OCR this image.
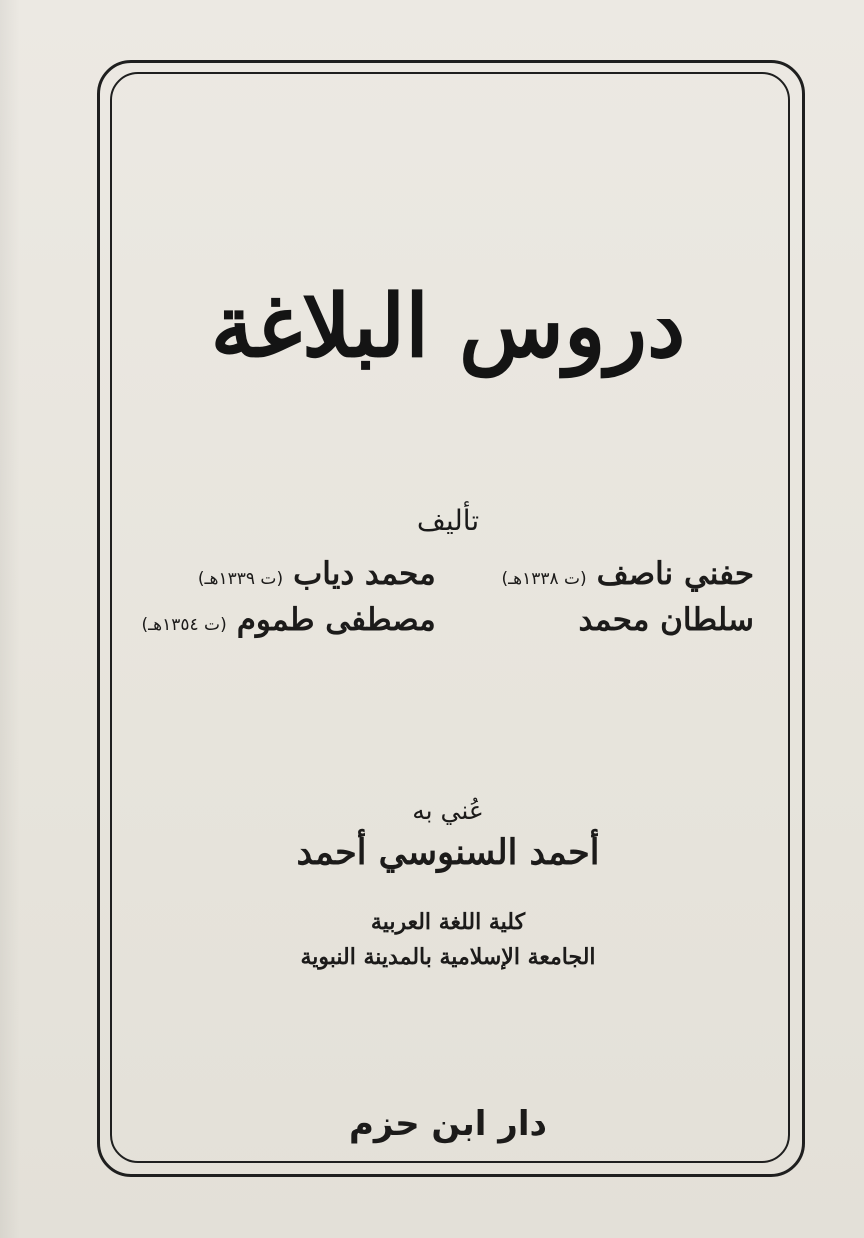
دروس البلاغة
تأليف
حفني ناصف
(ت ١٣٣٨هـ)
محمد دياب
(ت ١٣٣٩هـ)
سلطان محمد
مصطفى طموم
(ت ١٣٥٤هـ)
عُني به
أحمد السنوسي أحمد
كلية اللغة العربية
الجامعة الإسلامية بالمدينة النبوية
دار ابن حزم
